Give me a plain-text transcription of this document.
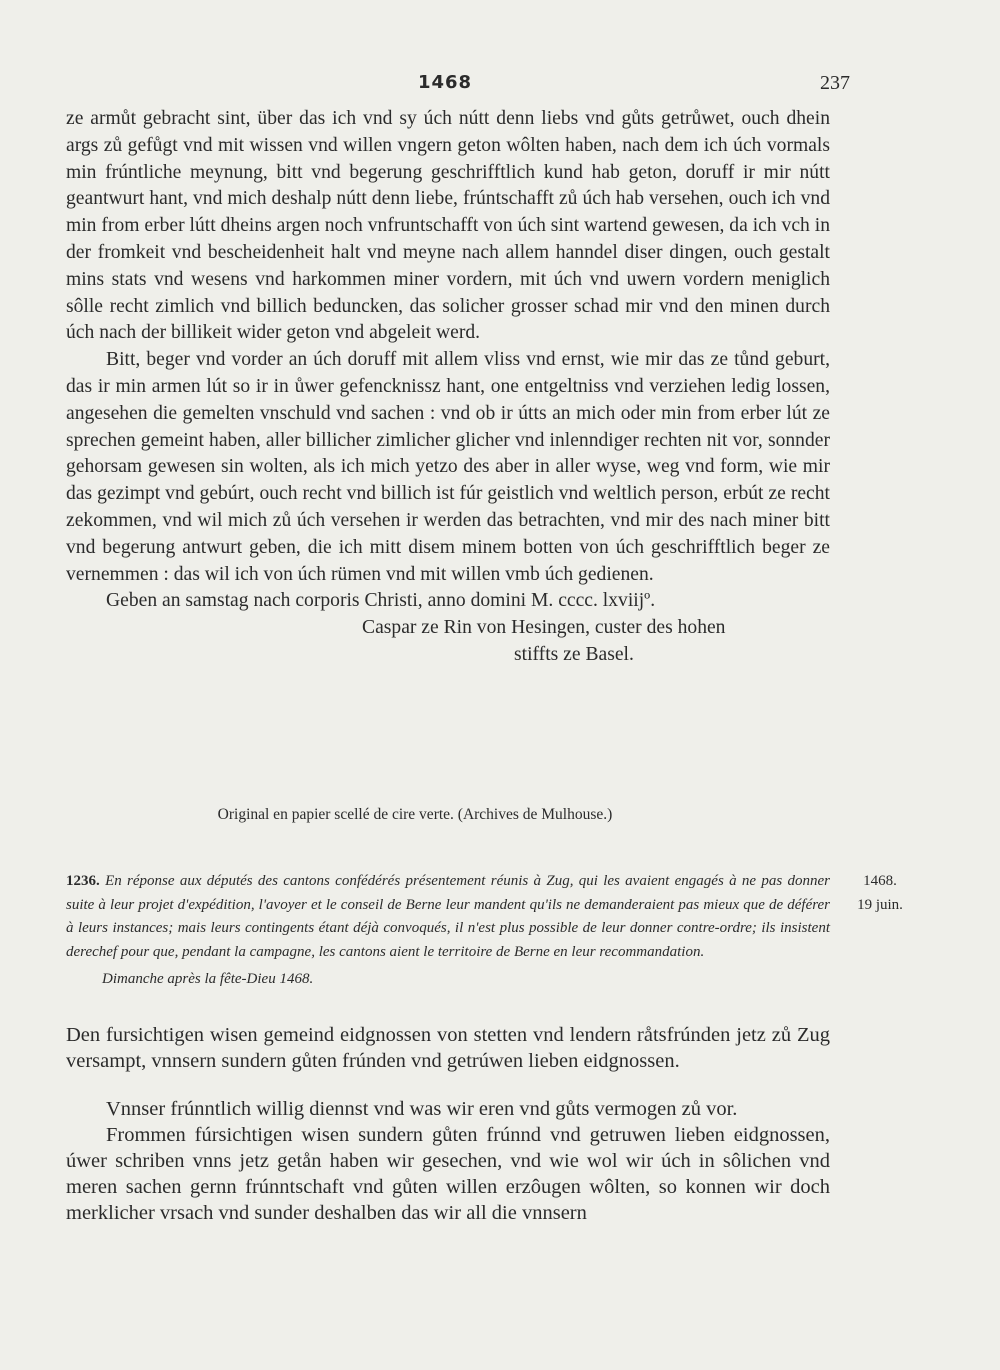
1468	237

ze armůt gebracht sint, über das ich vnd sy úch nútt denn liebs vnd gůts getrůwet, ouch dhein args zů gefůgt vnd mit wissen vnd willen vngern geton wôlten haben, nach dem ich úch vormals min frúntliche meynung, bitt vnd begerung geschrifftlich kund hab geton, doruff ir mir nútt geantwurt hant, vnd mich deshalp nútt denn liebe, frúntschafft zů úch hab versehen, ouch ich vnd min from erber lútt dheins argen noch vnfruntschafft von úch sint wartend gewesen, da ich vch in der fromkeit vnd bescheidenheit halt vnd meyne nach allem hanndel diser dingen, ouch gestalt mins stats vnd wesens vnd harkommen miner vordern, mit úch vnd uwern vordern meniglich sôlle recht zimlich vnd billich beduncken, das solicher grosser schad mir vnd den minen durch úch nach der billikeit wider geton vnd abgeleit werd.

Bitt, beger vnd vorder an úch doruff mit allem vliss vnd ernst, wie mir das ze tůnd geburt, das ir min armen lút so ir in ůwer gefencknissz hant, one entgeltniss vnd verziehen ledig lossen, angesehen die gemelten vnschuld vnd sachen : vnd ob ir útts an mich oder min from erber lút ze sprechen gemeint haben, aller billicher zimlicher glicher vnd inlenndiger rechten nit vor, sonnder gehorsam gewesen sin wolten, als ich mich yetzo des aber in aller wyse, weg vnd form, wie mir das gezimpt vnd gebúrt, ouch recht vnd billich ist fúr geistlich vnd weltlich person, erbút ze recht zekommen, vnd wil mich zů úch versehen ir werden das betrachten, vnd mir des nach miner bitt vnd begerung antwurt geben, die ich mitt disem minem botten von úch geschrifftlich beger ze vernemmen : das wil ich von úch rümen vnd mit willen vmb úch gedienen.

Geben an samstag nach corporis Christi, anno domini M. cccc. lxviijº.

Caspar ze Rin von Hesingen, custer des hohen

stiffts ze Basel.

Original en papier scellé de cire verte. (Archives de Mulhouse.)
1236. En réponse aux députés des cantons confédérés présentement réunis à Zug, qui les avaient engagés à ne pas donner suite à leur projet d'expédition, l'avoyer et le conseil de Berne leur mandent qu'ils ne demanderaient pas mieux que de déférer à leurs instances; mais leurs contingents étant déjà convoqués, il n'est plus possible de leur donner contre-ordre; ils insistent derechef pour que, pendant la campagne, les cantons aient le territoire de Berne en leur recommandation.
Dimanche après la fête-Dieu 1468.
1468.
19 juin.

Den fursichtigen wisen gemeind eidgnossen von stetten vnd lendern råtsfrúnden jetz zů Zug versampt, vnnsern sundern gůten frúnden vnd getrúwen lieben eidgnossen.

Vnnser frúnntlich willig diennst vnd was wir eren vnd gůts vermogen zů vor.

Frommen fúrsichtigen wisen sundern gůten frúnnd vnd getruwen lieben eidgnossen, úwer schriben vnns jetz getån haben wir gesechen, vnd wie wol wir úch in sôlichen vnd meren sachen gernn frúnntschaft vnd gůten willen erzôugen wôlten, so konnen wir doch merklicher vrsach vnd sunder deshalben das wir all die vnnsern
